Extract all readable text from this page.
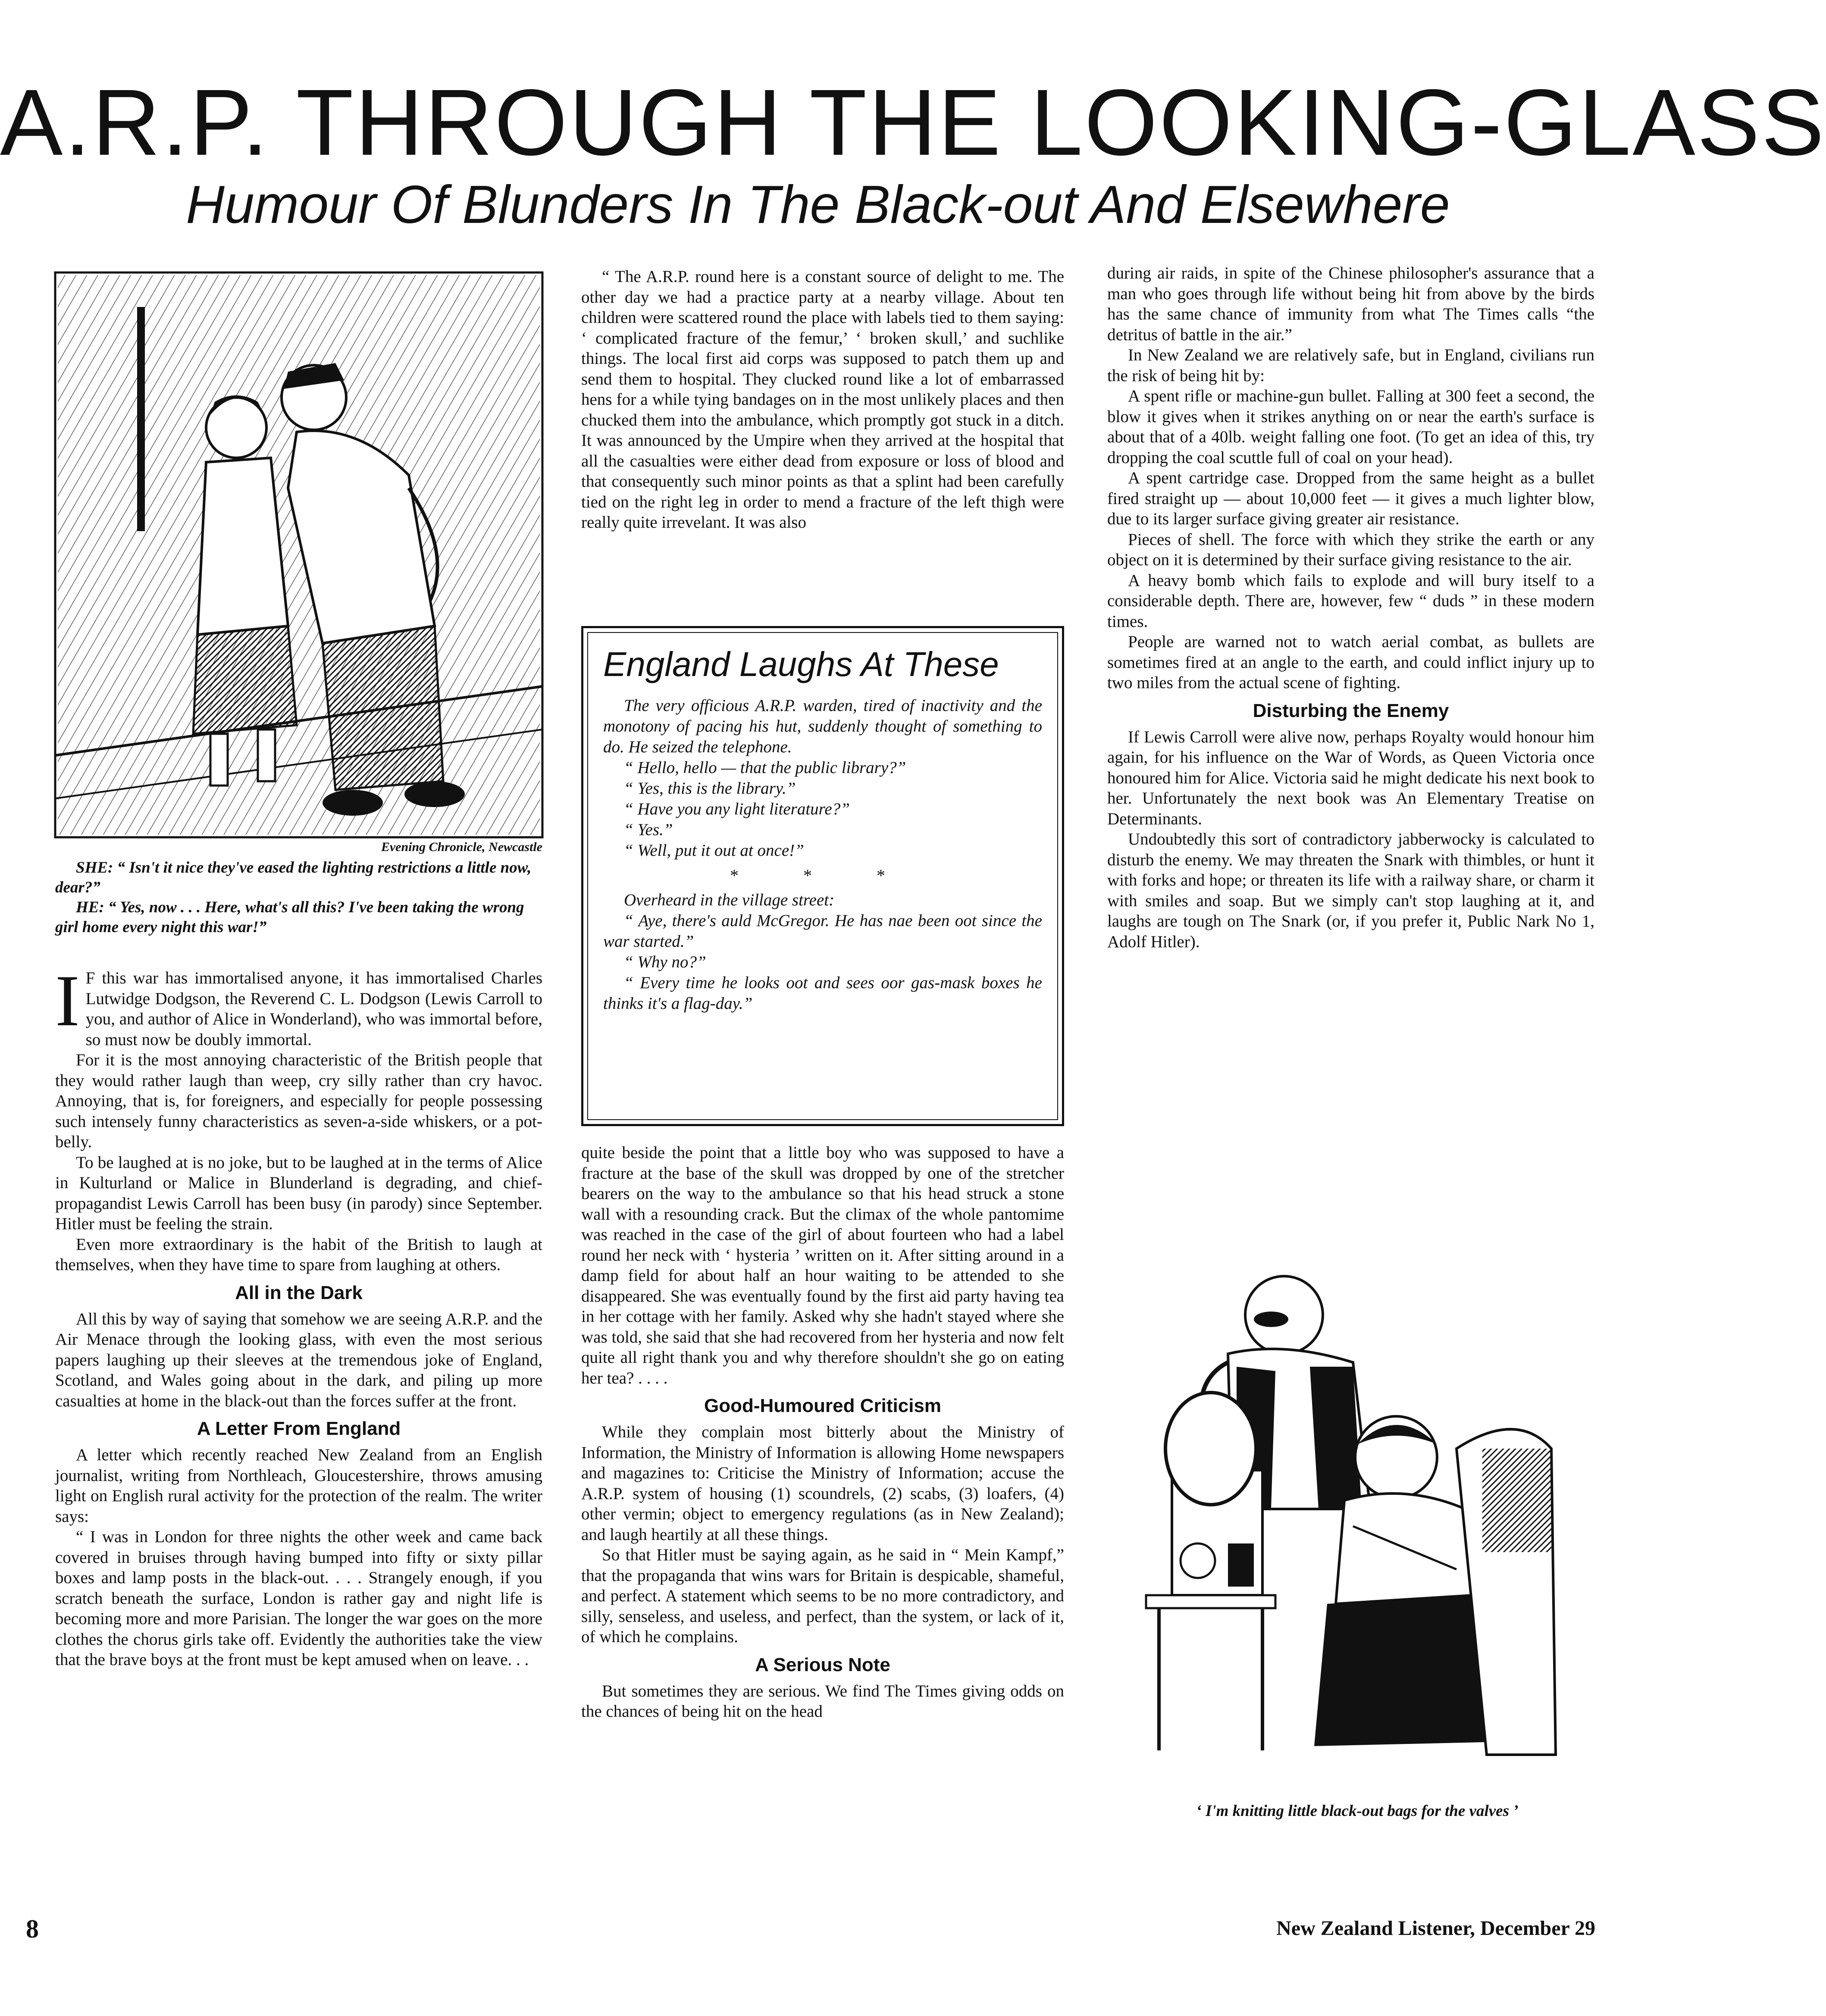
A.R.P. THROUGH THE LOOKING-GLASS
Humour Of Blunders In The Black-out And Elsewhere
Evening Chronicle, Newcastle
SHE: “ Isn't it nice they've eased the lighting restrictions a little now, dear?”
HE: “ Yes, now . . . Here, what's all this? I've been taking the wrong girl home every night this war!”

I F this war has immortalised anyone, it has immortalised Charles Lutwidge Dodgson, the Reverend C. L. Dodgson (Lewis Carroll to you, and author of Alice in Wonderland), who was immortal before, so must now be doubly immortal.

For it is the most annoying characteristic of the British people that they would rather laugh than weep, cry silly rather than cry havoc. Annoying, that is, for foreigners, and especially for people possessing such intensely funny characteristics as seven-a-side whiskers, or a pot-belly.

To be laughed at is no joke, but to be laughed at in the terms of Alice in Kulturland or Malice in Blunderland is degrading, and chief-propagandist Lewis Carroll has been busy (in parody) since September. Hitler must be feeling the strain.

Even more extraordinary is the habit of the British to laugh at themselves, when they have time to spare from laughing at others.

All in the Dark

All this by way of saying that somehow we are seeing A.R.P. and the Air Menace through the looking glass, with even the most serious papers laughing up their sleeves at the tremendous joke of England, Scotland, and Wales going about in the dark, and piling up more casualties at home in the black-out than the forces suffer at the front.

A Letter From England

A letter which recently reached New Zealand from an English journalist, writing from Northleach, Gloucestershire, throws amusing light on English rural activity for the protection of the realm. The writer says:

“ I was in London for three nights the other week and came back covered in bruises through having bumped into fifty or sixty pillar boxes and lamp posts in the black-out. . . . Strangely enough, if you scratch beneath the surface, London is rather gay and night life is becoming more and more Parisian. The longer the war goes on the more clothes the chorus girls take off. Evidently the authorities take the view that the brave boys at the front must be kept amused when on leave. . .

“ The A.R.P. round here is a constant source of delight to me. The other day we had a practice party at a nearby village. About ten children were scattered round the place with labels tied to them saying: ‘ complicated fracture of the femur,’ ‘ broken skull,’ and suchlike things. The local first aid corps was supposed to patch them up and send them to hospital. They clucked round like a lot of embarrassed hens for a while tying bandages on in the most unlikely places and then chucked them into the ambulance, which promptly got stuck in a ditch. It was announced by the Umpire when they arrived at the hospital that all the casualties were either dead from exposure or loss of blood and that consequently such minor points as that a splint had been carefully tied on the right leg in order to mend a fracture of the left thigh were really quite irrevelant. It was also

England Laughs At These

The very officious A.R.P. warden, tired of inactivity and the monotony of pacing his hut, suddenly thought of something to do. He seized the telephone.

“ Hello, hello — that the public library?”

“ Yes, this is the library.”

“ Have you any light literature?”

“ Yes.”

“ Well, put it out at once!”

* * *

Overheard in the village street:

“ Aye, there's auld McGregor. He has nae been oot since the war started.”

“ Why no?”

“ Every time he looks oot and sees oor gas-mask boxes he thinks it's a flag-day.”

quite beside the point that a little boy who was supposed to have a fracture at the base of the skull was dropped by one of the stretcher bearers on the way to the ambulance so that his head struck a stone wall with a resounding crack. But the climax of the whole pantomime was reached in the case of the girl of about fourteen who had a label round her neck with ‘ hysteria ’ written on it. After sitting around in a damp field for about half an hour waiting to be attended to she disappeared. She was eventually found by the first aid party having tea in her cottage with her family. Asked why she hadn't stayed where she was told, she said that she had recovered from her hysteria and now felt quite all right thank you and why therefore shouldn't she go on eating her tea? . . . .

Good-Humoured Criticism

While they complain most bitterly about the Ministry of Information, the Ministry of Information is allowing Home newspapers and magazines to: Criticise the Ministry of Information; accuse the A.R.P. system of housing (1) scoundrels, (2) scabs, (3) loafers, (4) other vermin; object to emergency regulations (as in New Zealand); and laugh heartily at all these things.

So that Hitler must be saying again, as he said in “ Mein Kampf,” that the propaganda that wins wars for Britain is despicable, shameful, and perfect. A statement which seems to be no more contradictory, and silly, senseless, and useless, and perfect, than the system, or lack of it, of which he complains.

A Serious Note

But sometimes they are serious. We find The Times giving odds on the chances of being hit on the head

during air raids, in spite of the Chinese philosopher's assurance that a man who goes through life without being hit from above by the birds has the same chance of immunity from what The Times calls “the detritus of battle in the air.”

In New Zealand we are relatively safe, but in England, civilians run the risk of being hit by:

A spent rifle or machine-gun bullet. Falling at 300 feet a second, the blow it gives when it strikes anything on or near the earth's surface is about that of a 40lb. weight falling one foot. (To get an idea of this, try dropping the coal scuttle full of coal on your head).

A spent cartridge case. Dropped from the same height as a bullet fired straight up — about 10,000 feet — it gives a much lighter blow, due to its larger surface giving greater air resistance.

Pieces of shell. The force with which they strike the earth or any object on it is determined by their surface giving resistance to the air.

A heavy bomb which fails to explode and will bury itself to a considerable depth. There are, however, few “ duds ” in these modern times.

People are warned not to watch aerial combat, as bullets are sometimes fired at an angle to the earth, and could inflict injury up to two miles from the actual scene of fighting.

Disturbing the Enemy

If Lewis Carroll were alive now, perhaps Royalty would honour him again, for his influence on the War of Words, as Queen Victoria once honoured him for Alice. Victoria said he might dedicate his next book to her. Unfortunately the next book was An Elementary Treatise on Determinants.

Undoubtedly this sort of contradictory jabberwocky is calculated to disturb the enemy. We may threaten the Snark with thimbles, or hunt it with forks and hope; or threaten its life with a railway share, or charm it with smiles and soap. But we simply can't stop laughing at it, and laughs are tough on The Snark (or, if you prefer it, Public Nark No 1, Adolf Hitler).

‘ I'm knitting little black-out bags for the valves ’
8	New Zealand Listener, December 29
